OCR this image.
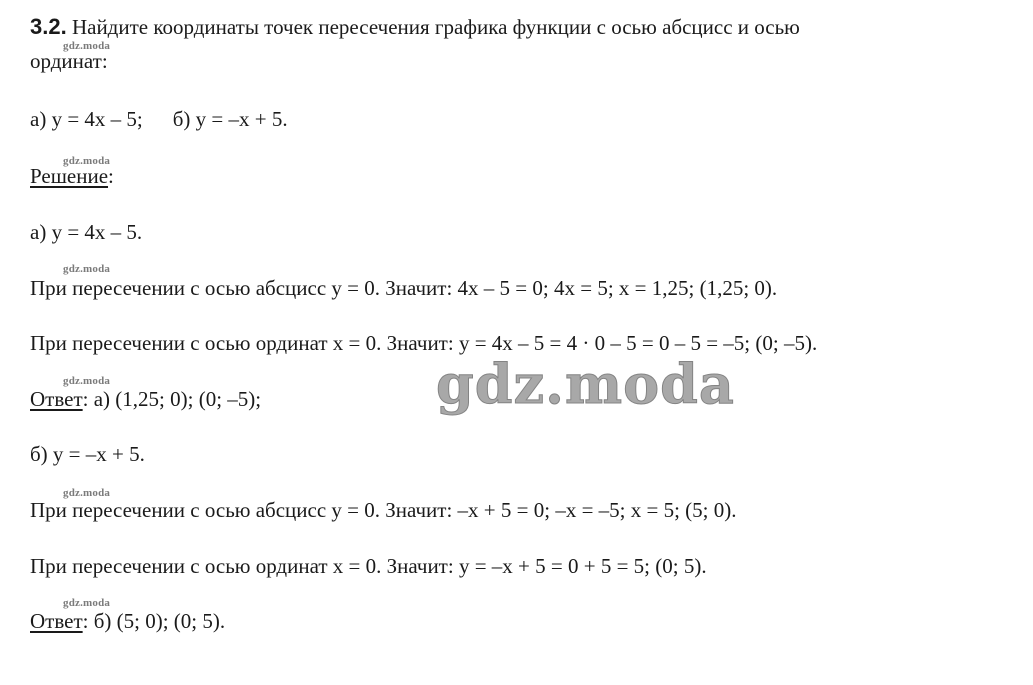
gdz.moda
gdz.moda
gdz.moda
gdz.moda
gdz.moda
gdz.moda
3.2. Найдите координаты точек пересечения графика функции с осью абсцисс и осью
ординат:
а) y = 4x – 5; б) y = –x + 5.
Решение:
а) y = 4x – 5.
При пересечении с осью абсцисс y = 0. Значит: 4x – 5 = 0; 4x = 5; x = 1,25; (1,25; 0).
При пересечении с осью ординат x = 0. Значит: y = 4x – 5 = 4 · 0 – 5 = 0 – 5 = –5; (0; –5).
Ответ: а) (1,25; 0); (0; –5);
б) y = –x + 5.
При пересечении с осью абсцисс y = 0. Значит: –x + 5 = 0; –x = –5; x = 5; (5; 0).
При пересечении с осью ординат x = 0. Значит: y = –x + 5 = 0 + 5 = 5; (0; 5).
Ответ: б) (5; 0); (0; 5).
gdz.moda
